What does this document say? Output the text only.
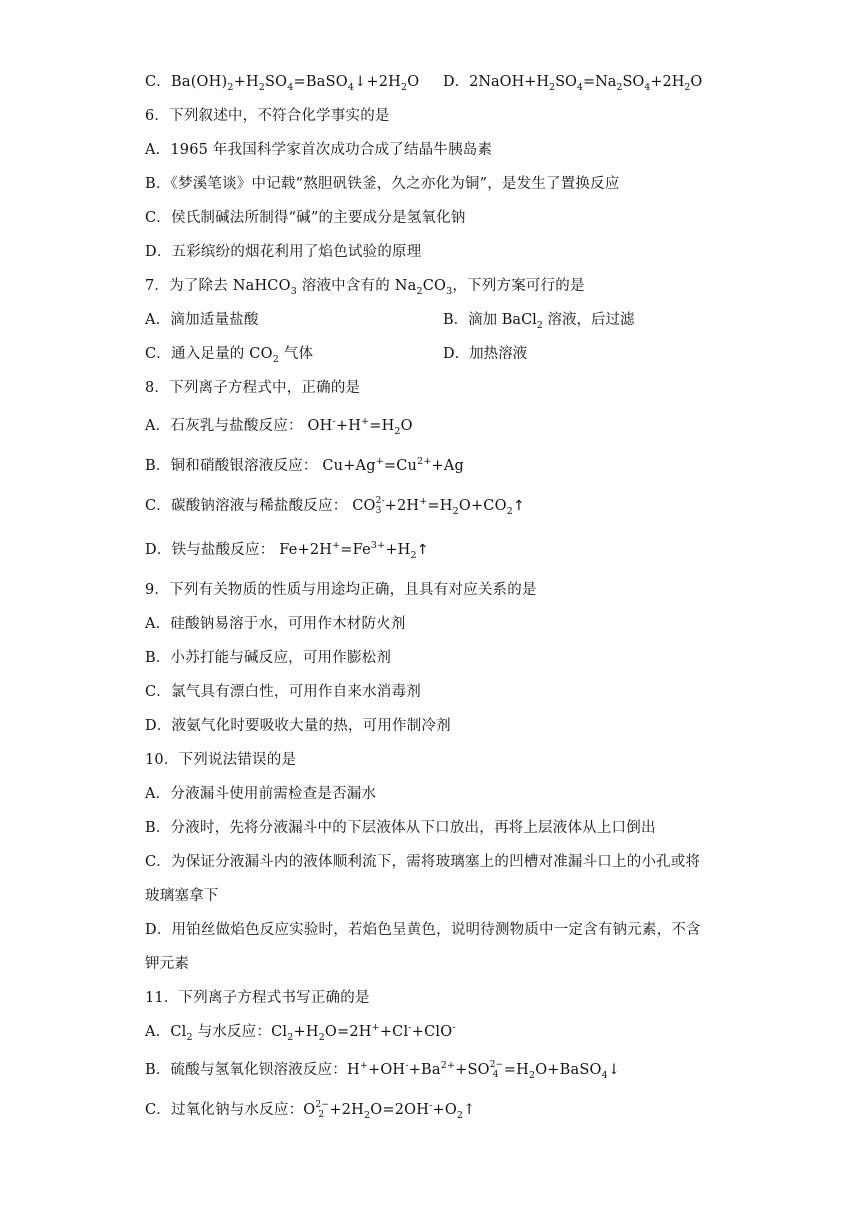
C．$Ba(OH)_2+H_2SO_4=BaSO_4↓+2H_2O$ D．$2NaOH+H_2SO_4=Na_2SO_4+2H_2O$
6．下列叙述中，不符合化学事实的是
A．1965 年我国科学家首次成功合成了结晶牛胰岛素
B．《梦溪笔谈》中记载“熬胆矾铁釜，久之亦化为铜”，是发生了置换反应
C．侯氏制碱法所制得“碱”的主要成分是氢氧化钠
D．五彩缤纷的烟花利用了焰色试验的原理
7．为了除去 NaHCO$_3$ 溶液中含有的 $Na_2CO_3$，下列方案可行的是
A．滴加适量盐酸	B．滴加 BaCl$_2$ 溶液，后过滤
C．通入足量的 $CO_2$ 气体	D．加热溶液
8．下列离子方程式中，正确的是
A．石灰乳与盐酸反应： $OH^-+H^+=H_2O$
B．铜和硝酸银溶液反应： $Cu+Ag^+=Cu^{2+}+Ag$
C．碳酸钠溶液与稀盐酸反应： CO 2-
$3 +2H^+=H_2O+CO_2↑$
D．铁与盐酸反应： $Fe+2H^+=Fe^{3+}+H_2↑$
9．下列有关物质的性质与用途均正确，且具有对应关系的是
A．硅酸钠易溶于水，可用作木材防火剂
B．小苏打能与碱反应，可用作膨松剂
C．氯气具有漂白性，可用作自来水消毒剂
D．液氨气化时要吸收大量的热，可用作制冷剂
10．下列说法错误的是
A．分液漏斗使用前需检查是否漏水
B．分液时，先将分液漏斗中的下层液体从下口放出，再将上层液体从上口倒出
C．为保证分液漏斗内的液体顺利流下，需将玻璃塞上的凹槽对准漏斗口上的小孔或将
玻璃塞拿下
D．用铂丝做焰色反应实验时，若焰色呈黄色，说明待测物质中一定含有钠元素，不含
钾元素
11．下列离子方程式书写正确的是
A．$Cl_2$ 与水反应：$Cl_2+H_2O=2H^++Cl^-+ClO^-$
B．硫酸与氢氧化钡溶液反应：$H^++OH^-+Ba^{2+}+SO$ 2−
$4 =H_2O+BaSO_4↓$
C．过氧化钠与水反应：O 2−
$2 +2H_2O=2OH^-+O_2↑$
